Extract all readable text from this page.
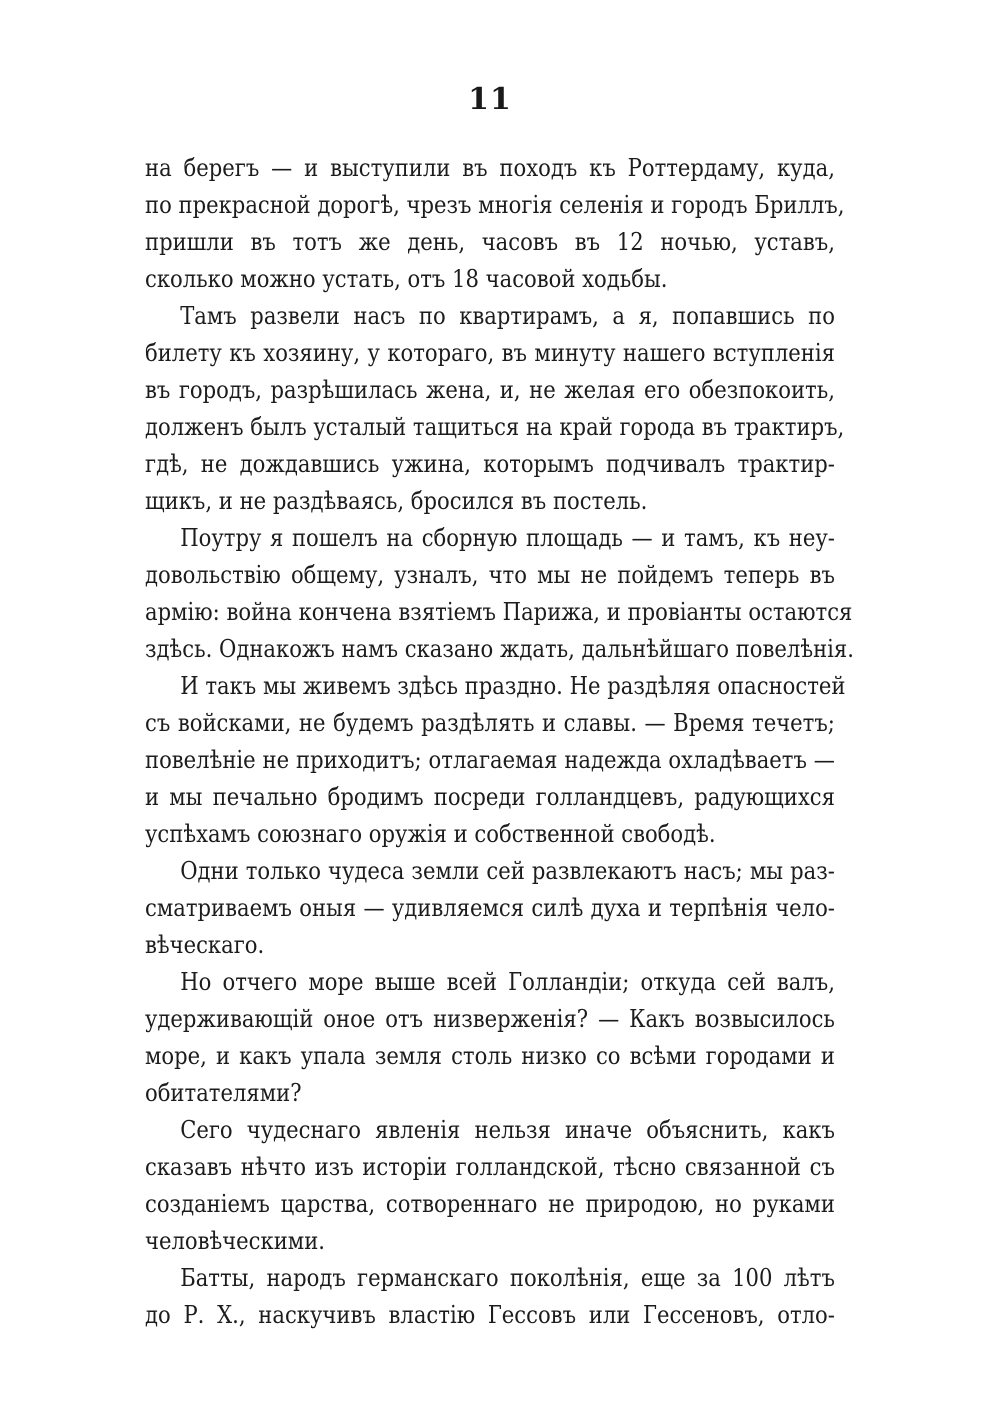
11
на берегъ — и выступили въ походъ къ Роттердаму, куда,
по прекрасной дорогѣ, чрезъ многія селенія и городъ Бриллъ,
пришли въ тотъ же день, часовъ въ 12 ночью, уставъ,
сколько можно устать, отъ 18 часовой ходьбы.
Тамъ развели насъ по квартирамъ, а я, попавшись по
билету къ хозяину, у котораго, въ минуту нашего вступленія
въ городъ, разрѣшилась жена, и, не желая его обезпокоить,
долженъ былъ усталый тащиться на край города въ трактиръ,
гдѣ, не дождавшись ужина, которымъ подчивалъ трактир-
щикъ, и не раздѣваясь, бросился въ постель.
Поутру я пошелъ на сборную площадь — и тамъ, къ неу-
довольствію общему, узналъ, что мы не пойдемъ теперь въ
армію: война кончена взятіемъ Парижа, и провіанты остаются
здѣсь. Однакожъ намъ сказано ждать, дальнѣйшаго повелѣнія.
И такъ мы живемъ здѣсь праздно. Не раздѣляя опасностей
съ войсками, не будемъ раздѣлять и славы. — Время течетъ;
повелѣніе не приходитъ; отлагаемая надежда охладѣваетъ —
и мы печально бродимъ посреди голландцевъ, радующихся
успѣхамъ союзнаго оружія и собственной свободѣ.
Одни только чудеса земли сей развлекаютъ насъ; мы раз-
сматриваемъ оныя — удивляемся силѣ духа и терпѣнія чело-
вѣческаго.
Но отчего море выше всей Голландіи; откуда сей валъ,
удерживающій оное отъ низверженія? — Какъ возвысилось
море, и какъ упала земля столь низко со всѣми городами и
обитателями?
Сего чудеснаго явленія нельзя иначе объяснить, какъ
сказавъ нѣчто изъ исторіи голландской, тѣсно связанной съ
созданіемъ царства, сотвореннаго не природою, но руками
человѣческими.
Батты, народъ германскаго поколѣнія, еще за 100 лѣтъ
до Р. Х., наскучивъ властію Гессовъ или Гессеновъ, отло-
